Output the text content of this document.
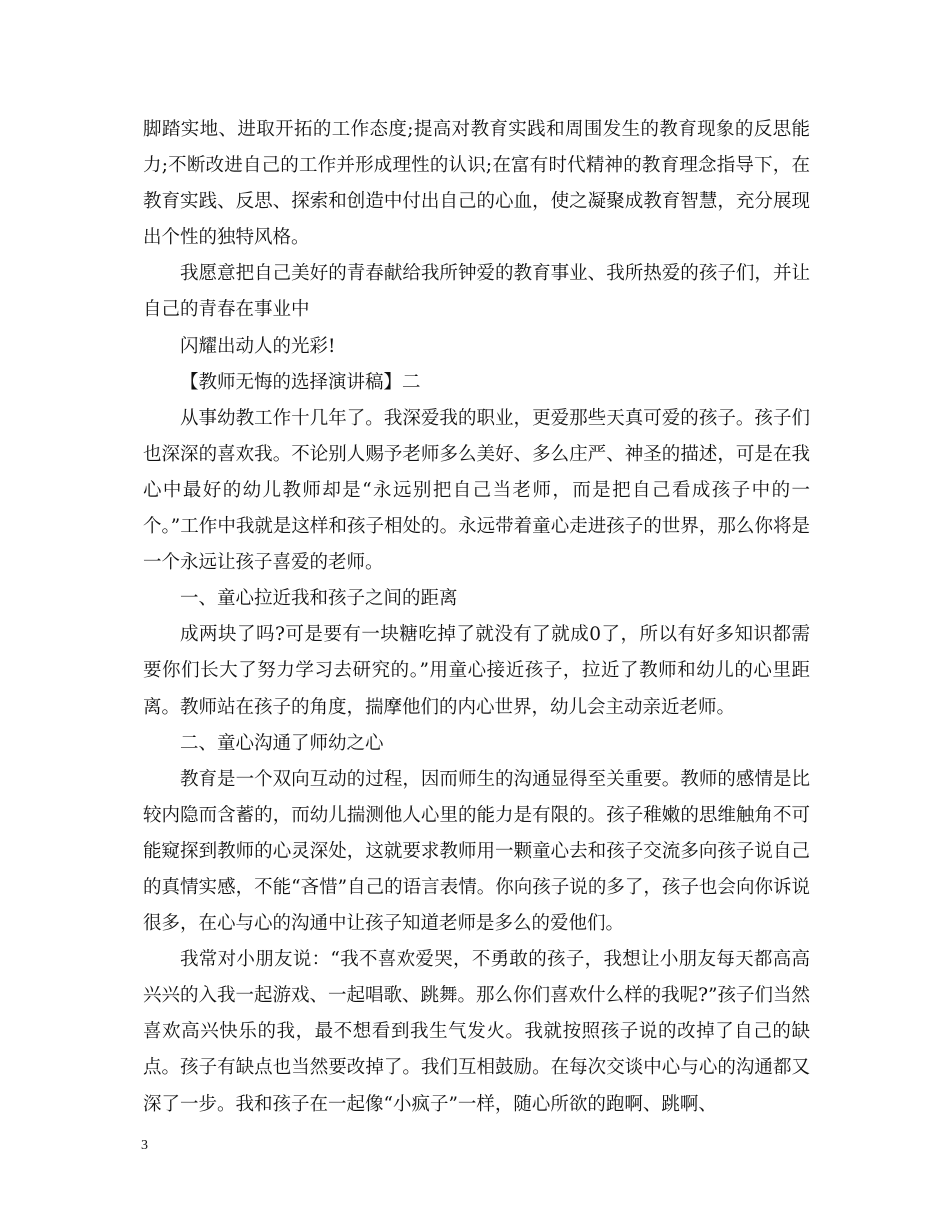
脚踏实地、进取开拓的工作态度;提高对教育实践和周围发生的教育现象的反思能力;不断改进自己的工作并形成理性的认识;在富有时代精神的教育理念指导下，在教育实践、反思、探索和创造中付出自己的心血，使之凝聚成教育智慧，充分展现出个性的独特风格。

我愿意把自己美好的青春献给我所钟爱的教育事业、我所热爱的孩子们，并让自己的青春在事业中

闪耀出动人的光彩!

【教师无悔的选择演讲稿】二

从事幼教工作十几年了。我深爱我的职业，更爱那些天真可爱的孩子。孩子们也深深的喜欢我。不论别人赐予老师多么美好、多么庄严、神圣的描述，可是在我心中最好的幼儿教师却是“永远别把自己当老师，而是把自己看成孩子中的一个。”工作中我就是这样和孩子相处的。永远带着童心走进孩子的世界，那么你将是一个永远让孩子喜爱的老师。

一、童心拉近我和孩子之间的距离

成两块了吗?可是要有一块糖吃掉了就没有了就成0了，所以有好多知识都需要你们长大了努力学习去研究的。”用童心接近孩子，拉近了教师和幼儿的心里距离。教师站在孩子的角度，揣摩他们的内心世界，幼儿会主动亲近老师。

二、童心沟通了师幼之心

教育是一个双向互动的过程，因而师生的沟通显得至关重要。教师的感情是比较内隐而含蓄的，而幼儿揣测他人心里的能力是有限的。孩子稚嫩的思维触角不可能窥探到教师的心灵深处，这就要求教师用一颗童心去和孩子交流多向孩子说自己的真情实感，不能“吝惜”自己的语言表情。你向孩子说的多了，孩子也会向你诉说很多，在心与心的沟通中让孩子知道老师是多么的爱他们。

我常对小朋友说：“我不喜欢爱哭，不勇敢的孩子，我想让小朋友每天都高高兴兴的入我一起游戏、一起唱歌、跳舞。那么你们喜欢什么样的我呢?”孩子们当然喜欢高兴快乐的我，最不想看到我生气发火。我就按照孩子说的改掉了自己的缺点。孩子有缺点也当然要改掉了。我们互相鼓励。在每次交谈中心与心的沟通都又深了一步。我和孩子在一起像“小疯子”一样，随心所欲的跑啊、跳啊、

3
